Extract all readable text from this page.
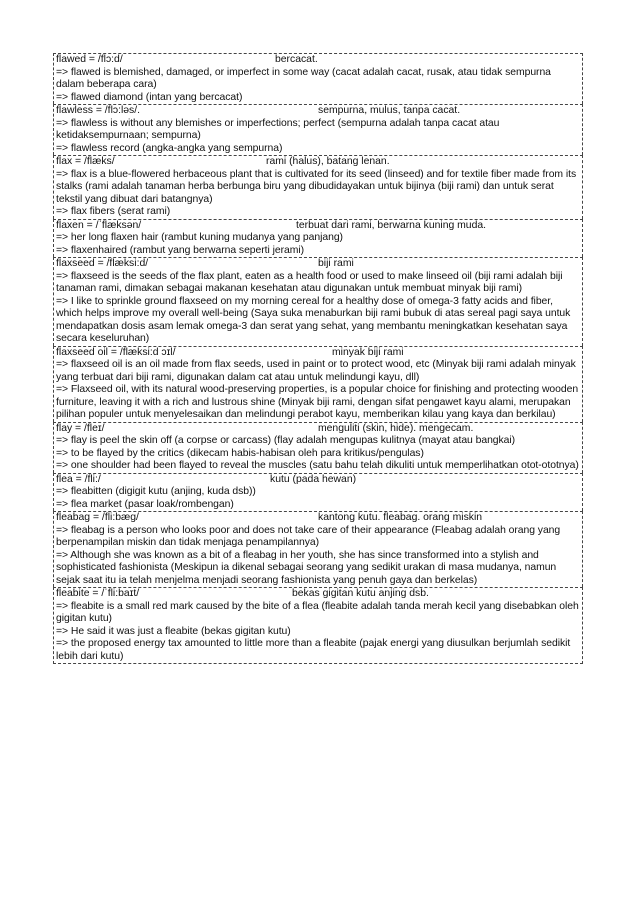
flawed = /flɔ:d/	bercacat.

=> flawed is blemished, damaged, or imperfect in some way (cacat adalah cacat, rusak, atau tidak sempurna dalam beberapa cara)

=> flawed diamond (intan yang bercacat)

flawless = /flɔ:ləs/.	sempurna, mulus, tanpa cacat.

=> flawless is without any blemishes or imperfections; perfect (sempurna adalah tanpa cacat atau ketidaksempurnaan; sempurna)

=> flawless record (angka-angka yang sempurna)

flax = /flæks/	rami (halus), batang lenan.

=> flax is a blue-flowered herbaceous plant that is cultivated for its seed (linseed) and for textile fiber made from its stalks (rami adalah tanaman herba berbunga biru yang dibudidayakan untuk bijinya (biji rami) dan untuk serat tekstil yang dibuat dari batangnya)

=> flax fibers (serat rami)

flaxen = /ˈflæksən/	terbuat dari rami, berwarna kuning muda.

=> her long flaxen hair (rambut kuning mudanya yang panjang)

=> flaxenhaired (rambut yang berwarna seperti jerami)

flaxseed = /flæksi:d/	biji rami

=> flaxseed is the seeds of the flax plant, eaten as a health food or used to make linseed oil (biji rami adalah biji tanaman rami, dimakan sebagai makanan kesehatan atau digunakan untuk membuat minyak biji rami)

=> I like to sprinkle ground flaxseed on my morning cereal for a healthy dose of omega-3 fatty acids and fiber, which helps improve my overall well-being (Saya suka menaburkan biji rami bubuk di atas sereal pagi saya untuk mendapatkan dosis asam lemak omega-3 dan serat yang sehat, yang membantu meningkatkan kesehatan saya secara keseluruhan)

flaxseed oil = /flæksi:d ɔɪl/	minyak biji rami

=> flaxseed oil is an oil made from flax seeds, used in paint or to protect wood, etc (Minyak biji rami adalah minyak yang terbuat dari biji rami, digunakan dalam cat atau untuk melindungi kayu, dll)

=> Flaxseed oil, with its natural wood-preserving properties, is a popular choice for finishing and protecting wooden furniture, leaving it with a rich and lustrous shine (Minyak biji rami, dengan sifat pengawet kayu alami, merupakan pilihan populer untuk menyelesaikan dan melindungi perabot kayu, memberikan kilau yang kaya dan berkilau)

flay = /fleɪ/	menguliti (skin, hide). mengecam.

=> flay is peel the skin off (a corpse or carcass) (flay adalah mengupas kulitnya (mayat atau bangkai)

=> to be flayed by the critics (dikecam habis-habisan oleh para kritikus/pengulas)

=> one shoulder had been flayed to reveal the muscles (satu bahu telah dikuliti untuk memperlihatkan otot-ototnya)

flea = /fli:/	kutu (pada hewan)

=> fleabitten (digigit kutu (anjing, kuda dsb))

=> flea market (pasar loak/rombengan)

fleabag = /fli:bæg/	kantong kutu. fleabag. orang miskin

=> fleabag is a person who looks poor and does not take care of their appearance (Fleabag adalah orang yang berpenampilan miskin dan tidak menjaga penampilannya)

=> Although she was known as a bit of a fleabag in her youth, she has since transformed into a stylish and sophisticated fashionista (Meskipun ia dikenal sebagai seorang yang sedikit urakan di masa mudanya, namun sejak saat itu ia telah menjelma menjadi seorang fashionista yang penuh gaya dan berkelas)

fleabite = /ˈfli:baɪt/	bekas gigitan kutu anjing dsb.

=> fleabite is a small red mark caused by the bite of a flea (fleabite adalah tanda merah kecil yang disebabkan oleh gigitan kutu)

=> He said it was just a fleabite (bekas gigitan kutu)

=> the proposed energy tax amounted to little more than a fleabite (pajak energi yang diusulkan berjumlah sedikit lebih dari kutu)
